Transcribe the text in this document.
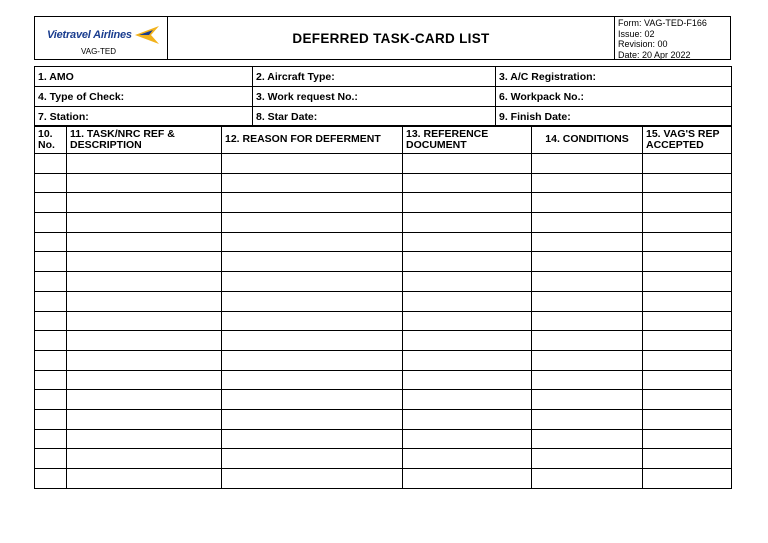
Vietravel Airlines
VAG-TED
DEFERRED TASK-CARD LIST
Form: VAG-TED-F166
Issue: 02
Revision: 00
Date: 20 Apr 2022
1. AMO	2. Aircraft Type:	3. A/C Registration:
4. Type of Check:	3. Work request No.:	6. Workpack No.:
7. Station:	8. Star Date:	9. Finish Date:
10. No.	11. TASK/NRC REF & DESCRIPTION	12. REASON FOR DEFERMENT	13. REFERENCE DOCUMENT	14. CONDITIONS	15. VAG'S REP ACCEPTED
